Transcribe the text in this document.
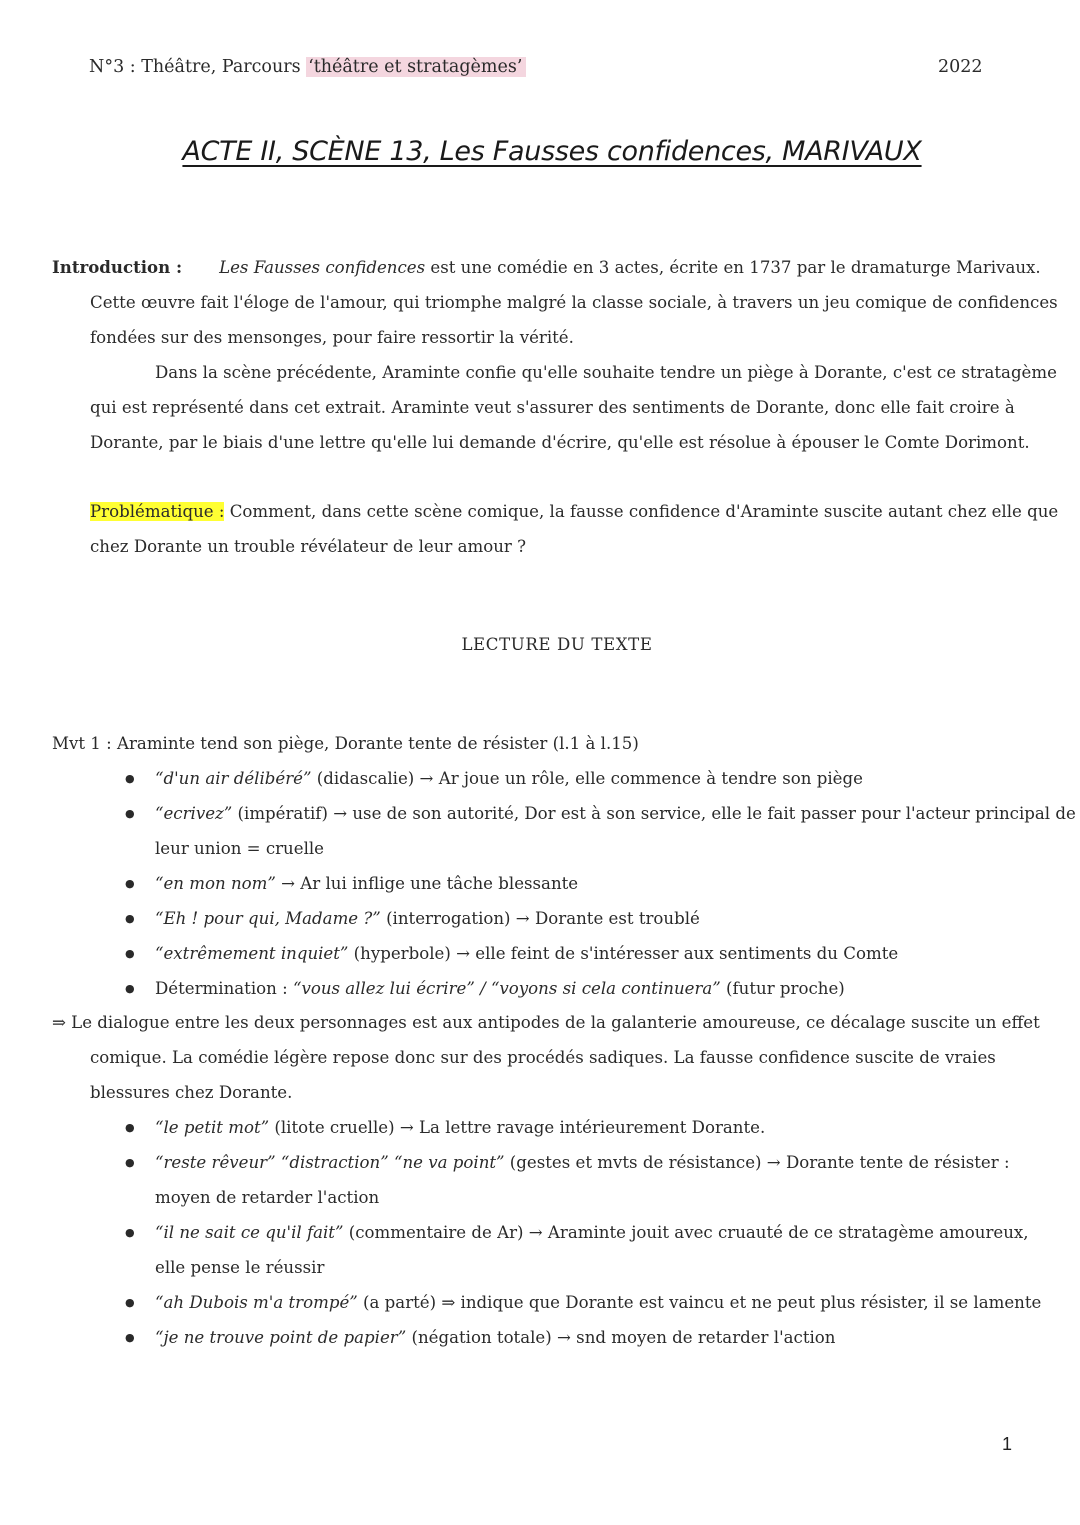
N°3 : Théâtre, Parcours ‘théâtre et stratagèmes’	2022
ACTE II, SCÈNE 13, Les Fausses confidences, MARIVAUX

Introduction : Les Fausses confidences est une comédie en 3 actes, écrite en 1737 par le dramaturge Marivaux. Cette œuvre fait l'éloge de l'amour, qui triomphe malgré la classe sociale, à travers un jeu comique de confidences fondées sur des mensonges, pour faire ressortir la vérité.

Dans la scène précédente, Araminte confie qu'elle souhaite tendre un piège à Dorante, c'est ce stratagème qui est représenté dans cet extrait. Araminte veut s'assurer des sentiments de Dorante, donc elle fait croire à Dorante, par le biais d'une lettre qu'elle lui demande d'écrire, qu'elle est résolue à épouser le Comte Dorimont.

Problématique : Comment, dans cette scène comique, la fausse confidence d'Araminte suscite autant chez elle que chez Dorante un trouble révélateur de leur amour ?

LECTURE DU TEXTE

Mvt 1 : Araminte tend son piège, Dorante tente de résister (l.1 à l.15)

● “d'un air délibéré” (didascalie) → Ar joue un rôle, elle commence à tendre son piège
● “ecrivez” (impératif) → use de son autorité, Dor est à son service, elle le fait passer pour l'acteur principal de leur union = cruelle
● “en mon nom” → Ar lui inflige une tâche blessante
● “Eh ! pour qui, Madame ?” (interrogation) → Dorante est troublé
● “extrêmement inquiet” (hyperbole) → elle feint de s'intéresser aux sentiments du Comte
● Détermination : “vous allez lui écrire” / “voyons si cela continuera” (futur proche)

⇒ Le dialogue entre les deux personnages est aux antipodes de la galanterie amoureuse, ce décalage suscite un effet comique. La comédie légère repose donc sur des procédés sadiques. La fausse confidence suscite de vraies blessures chez Dorante.

● “le petit mot” (litote cruelle) → La lettre ravage intérieurement Dorante.
● “reste rêveur” “distraction” “ne va point” (gestes et mvts de résistance) → Dorante tente de résister : moyen de retarder l'action
● “il ne sait ce qu'il fait” (commentaire de Ar) → Araminte jouit avec cruauté de ce stratagème amoureux, elle pense le réussir
● “ah Dubois m'a trompé” (a parté) ⇒ indique que Dorante est vaincu et ne peut plus résister, il se lamente
● “je ne trouve point de papier” (négation totale) → snd moyen de retarder l'action
1
